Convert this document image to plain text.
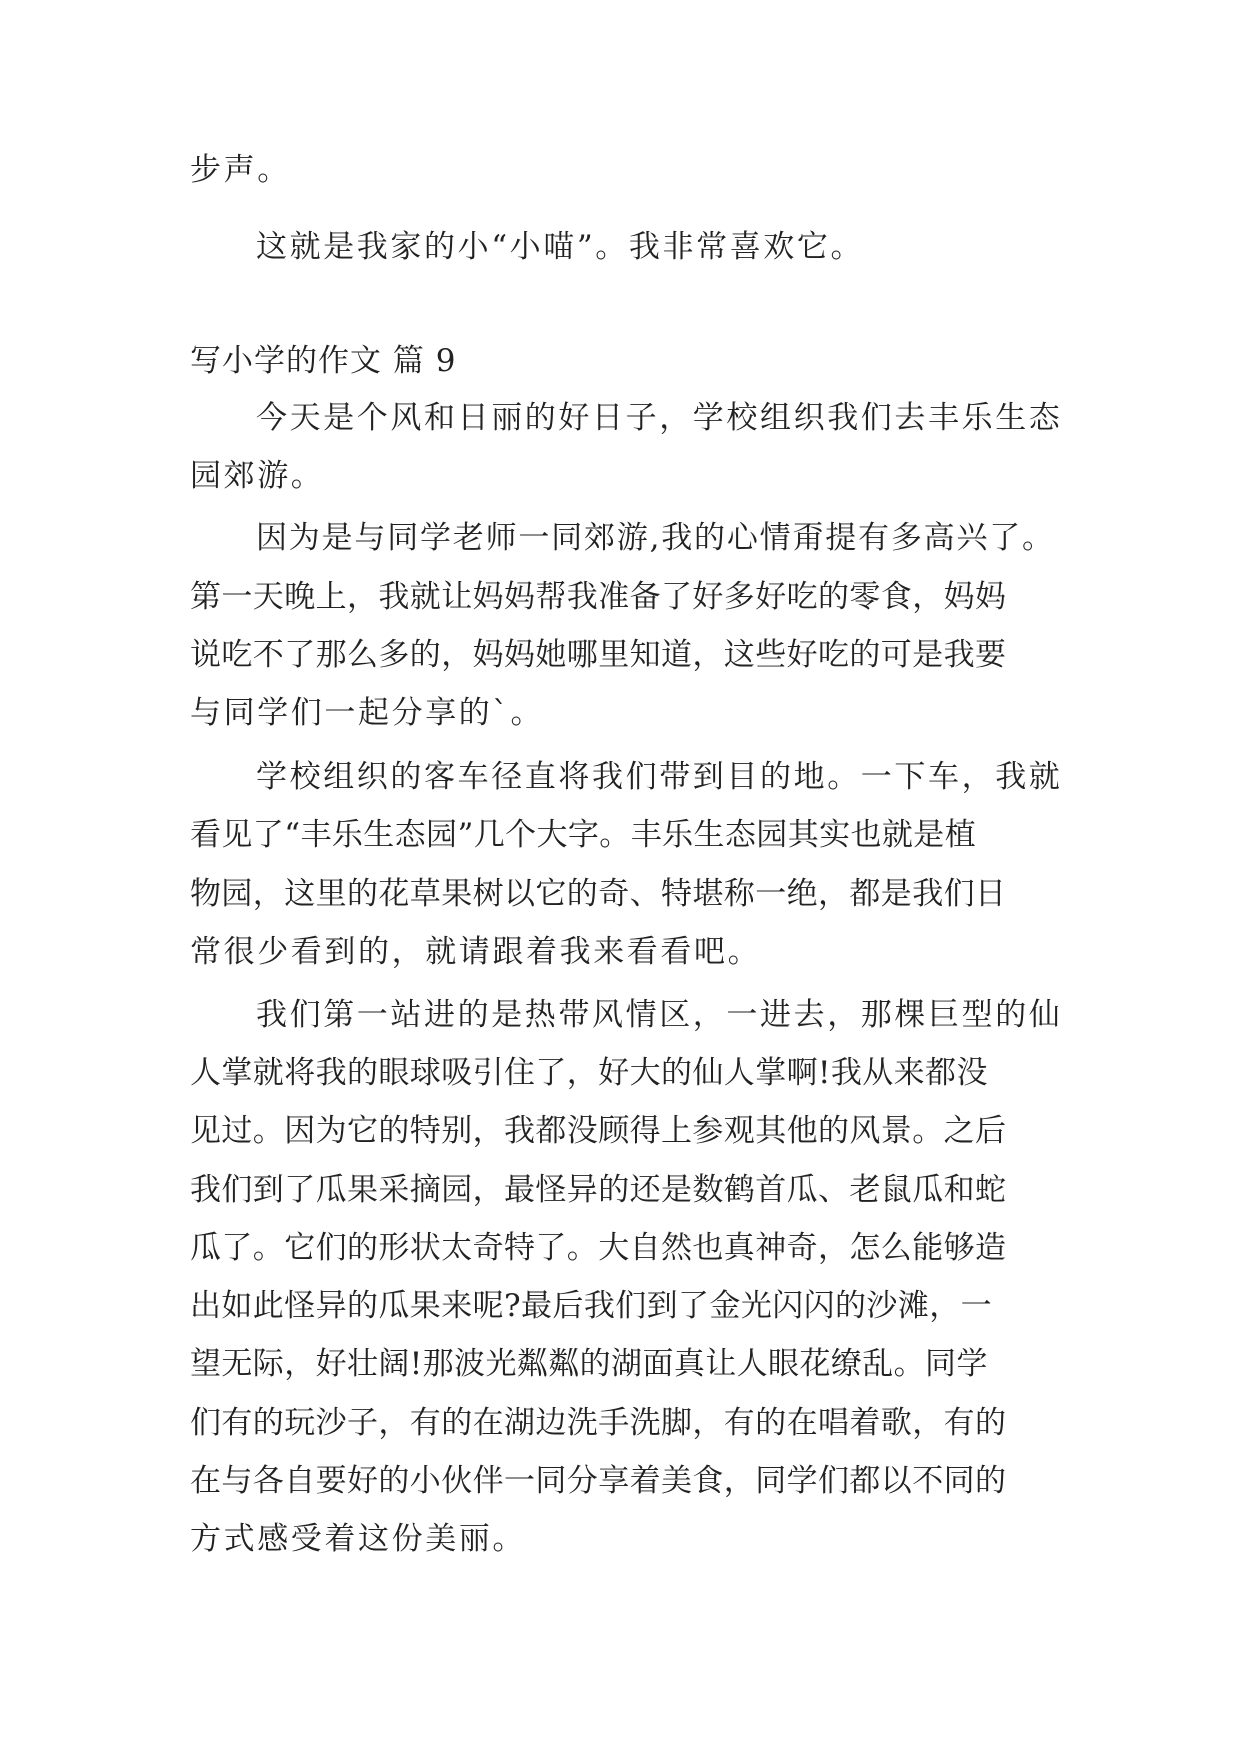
步声。
这就是我家的小“小喵”。我非常喜欢它。
写小学的作文 篇 9
今天是个风和日丽的好日子，学校组织我们去丰乐生态
园郊游。
因为是与同学老师一同郊游,我的心情甭提有多高兴了。
第一天晚上，我就让妈妈帮我准备了好多好吃的零食，妈妈
说吃不了那么多的，妈妈她哪里知道，这些好吃的可是我要
与同学们一起分享的`。
学校组织的客车径直将我们带到目的地。一下车，我就
看见了“丰乐生态园”几个大字。丰乐生态园其实也就是植
物园，这里的花草果树以它的奇、特堪称一绝，都是我们日
常很少看到的，就请跟着我来看看吧。
我们第一站进的是热带风情区，一进去，那棵巨型的仙
人掌就将我的眼球吸引住了，好大的仙人掌啊!我从来都没
见过。因为它的特别，我都没顾得上参观其他的风景。之后
我们到了瓜果采摘园，最怪异的还是数鹤首瓜、老鼠瓜和蛇
瓜了。它们的形状太奇特了。大自然也真神奇，怎么能够造
出如此怪异的瓜果来呢?最后我们到了金光闪闪的沙滩，一
望无际，好壮阔!那波光粼粼的湖面真让人眼花缭乱。同学
们有的玩沙子，有的在湖边洗手洗脚，有的在唱着歌，有的
在与各自要好的小伙伴一同分享着美食，同学们都以不同的
方式感受着这份美丽。
